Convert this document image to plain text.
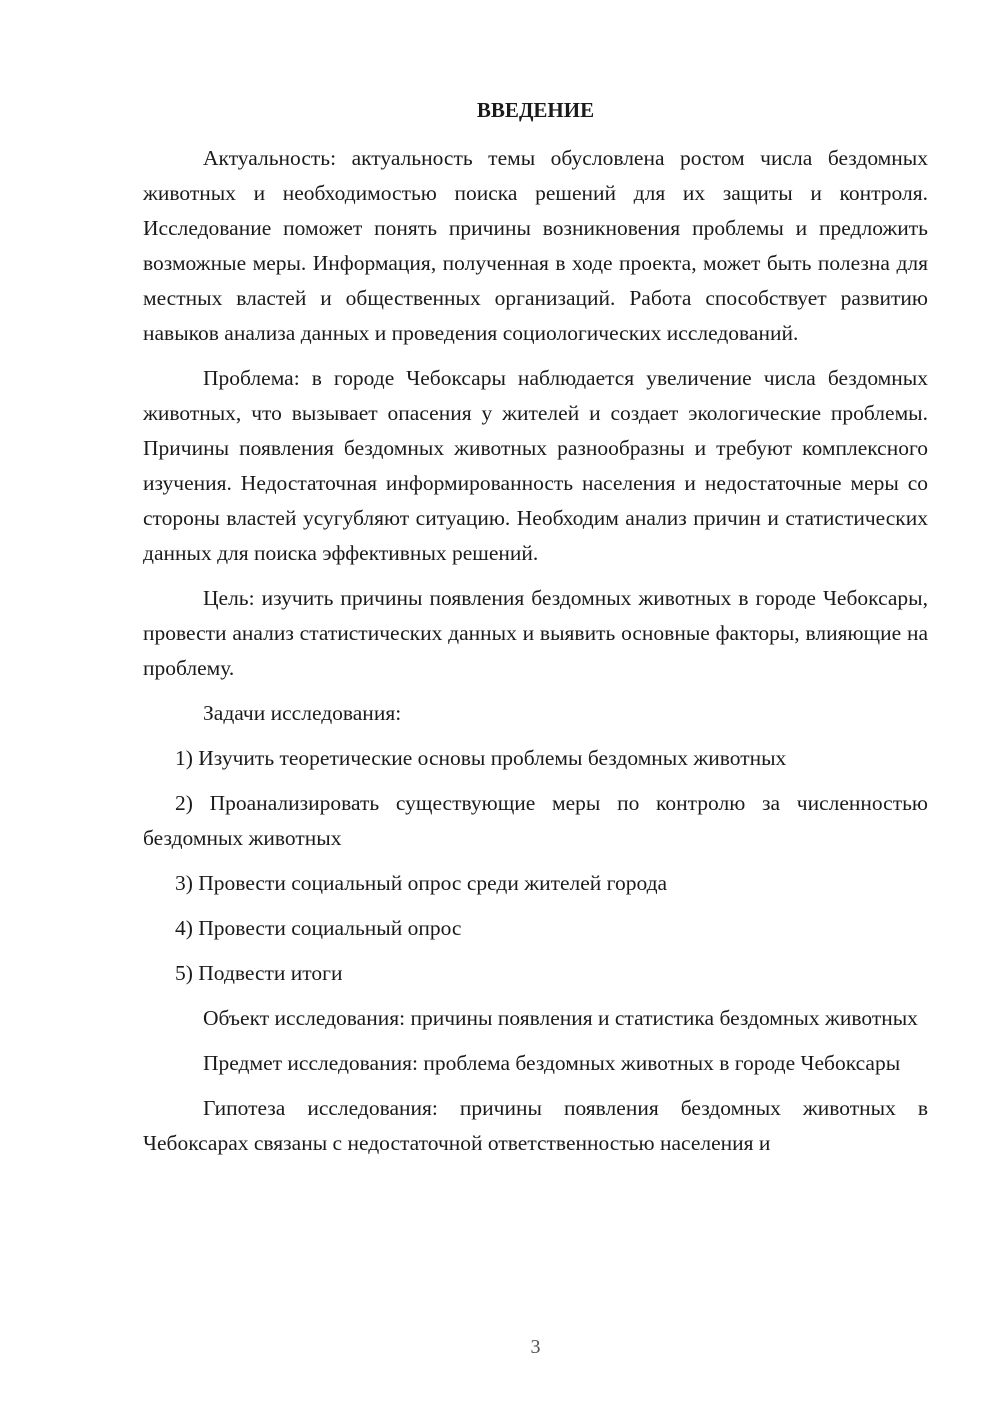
ВВЕДЕНИЕ

Актуальность: актуальность темы обусловлена ростом числа бездомных животных и необходимостью поиска решений для их защиты и контроля. Исследование поможет понять причины возникновения проблемы и предложить возможные меры. Информация, полученная в ходе проекта, может быть полезна для местных властей и общественных организаций. Работа способствует развитию навыков анализа данных и проведения социологических исследований.

Проблема: в городе Чебоксары наблюдается увеличение числа бездомных животных, что вызывает опасения у жителей и создает экологические проблемы. Причины появления бездомных животных разнообразны и требуют комплексного изучения. Недостаточная информированность населения и недостаточные меры со стороны властей усугубляют ситуацию. Необходим анализ причин и статистических данных для поиска эффективных решений.

Цель: изучить причины появления бездомных животных в городе Чебоксары, провести анализ статистических данных и выявить основные факторы, влияющие на проблему.

Задачи исследования:

1) Изучить теоретические основы проблемы бездомных животных

2) Проанализировать существующие меры по контролю за численностью бездомных животных

3) Провести социальный опрос среди жителей города

4) Провести социальный опрос

5) Подвести итоги

Объект исследования: причины появления и статистика бездомных животных

Предмет исследования: проблема бездомных животных в городе Чебоксары

Гипотеза исследования: причины появления бездомных животных в Чебоксарах связаны с недостаточной ответственностью населения и

3
